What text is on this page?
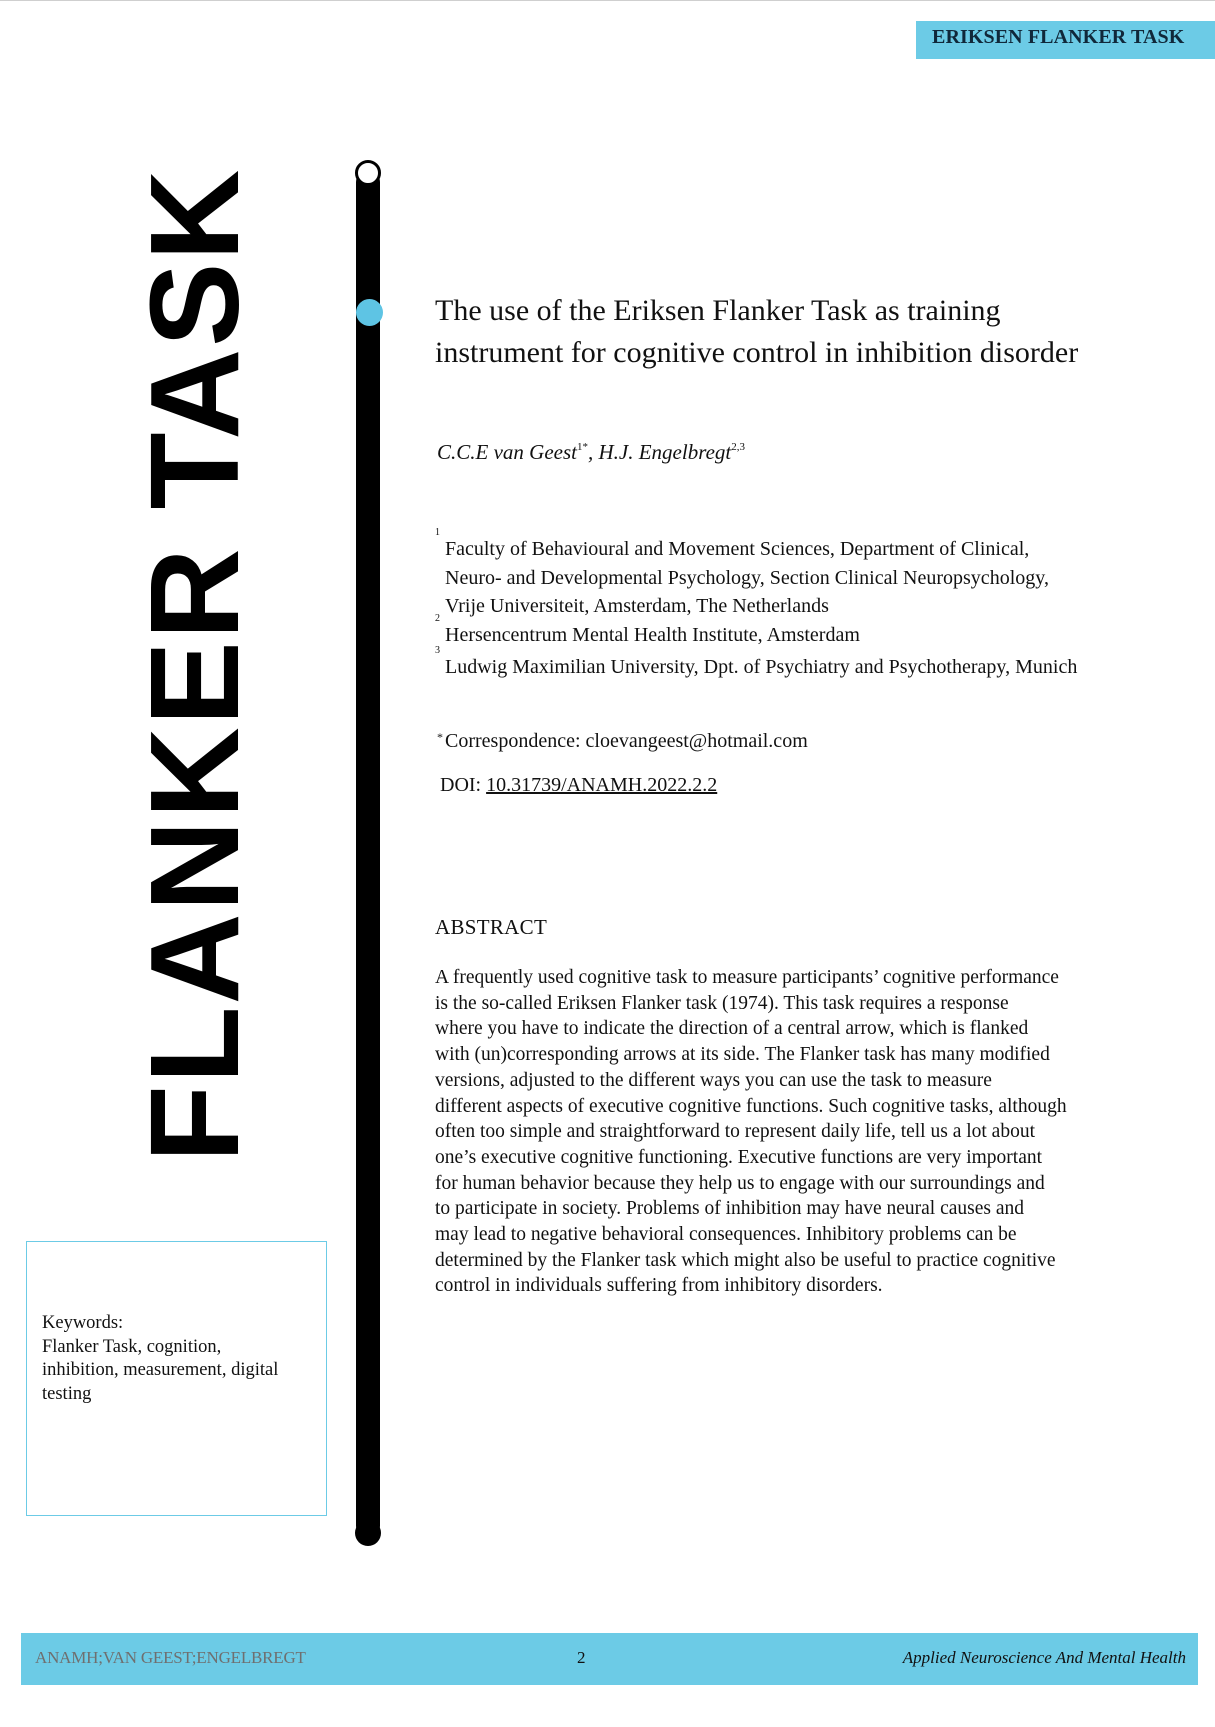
ERIKSEN FLANKER TASK
FLANKER TASK	The use of the Eriksen Flanker Task as training
instrument for cognitive control in inhibition disorder
C.C.E van Geest$^{1*}$, H.J. Engelbregt$^{2,3}$
1
Faculty of Behavioural and Movement Sciences, Department of Clinical,
Neuro- and Developmental Psychology, Section Clinical Neuropsychology,
Vrije Universiteit, Amsterdam, The Netherlands
2
Hersencentrum Mental Health Institute, Amsterdam
3
Ludwig Maximilian University, Dpt. of Psychiatry and Psychotherapy, Munich
* Correspondence: cloevangeest@hotmail.com
DOI: 10.31739/ANAMH.2022.2.2
ABSTRACT
A frequently used cognitive task to measure participants’ cognitive performance
is the so-called Eriksen Flanker task (1974). This task requires a response
where you have to indicate the direction of a central arrow, which is flanked
with (un)corresponding arrows at its side. The Flanker task has many modified
versions, adjusted to the different ways you can use the task to measure
different aspects of executive cognitive functions. Such cognitive tasks, although
often too simple and straightforward to represent daily life, tell us a lot about
one’s executive cognitive functioning. Executive functions are very important
for human behavior because they help us to engage with our surroundings and
to participate in society. Problems of inhibition may have neural causes and
may lead to negative behavioral consequences. Inhibitory problems can be
determined by the Flanker task which might also be useful to practice cognitive
control in individuals suffering from inhibitory disorders.
Keywords:
Flanker Task, cognition,
inhibition, measurement, digital
testing
ANAMH;VAN GEEST;ENGELBREGT	2	Applied Neuroscience And Mental Health
